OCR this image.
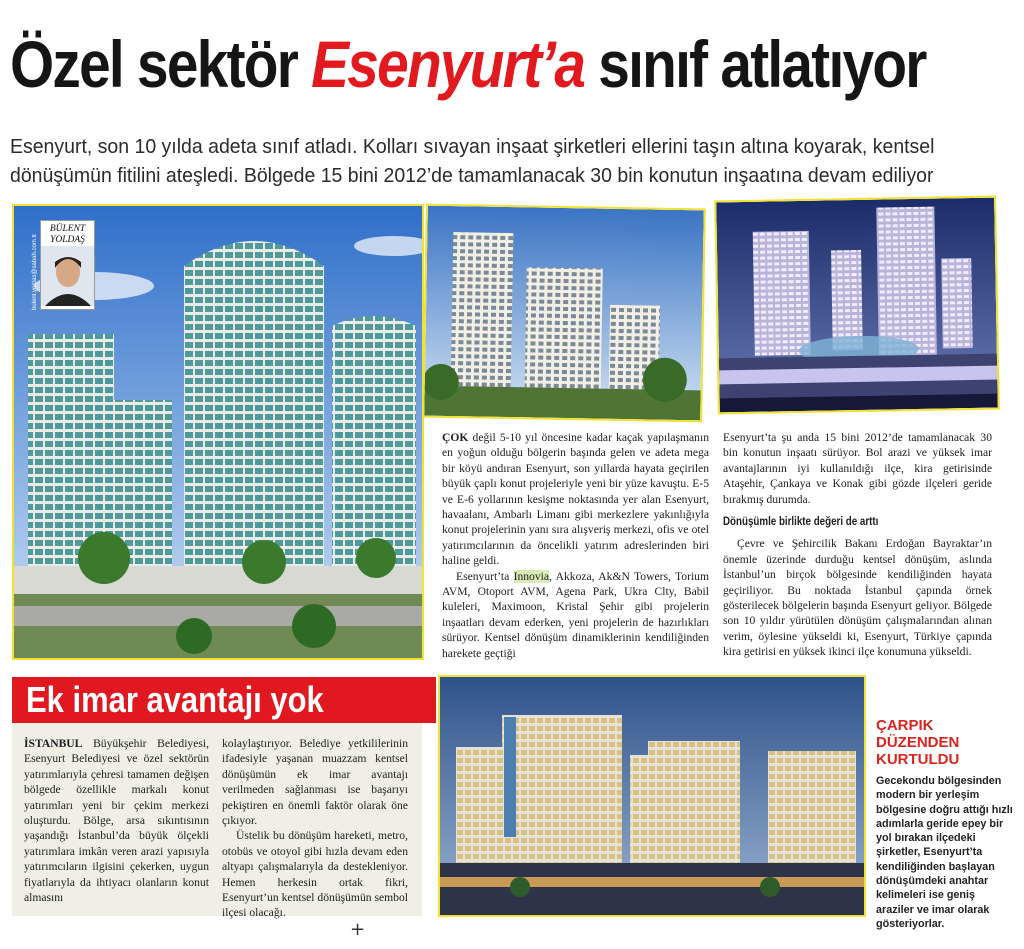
Özel sektör Esenyurt’a sınıf atlatıyor
Esenyurt, son 10 yılda adeta sınıf atladı. Kolları sıvayan inşaat şirketleri ellerini taşın altına koyarak, kentsel
dönüşümün fitilini ateşledi. Bölgede 15 bini 2012’de tamamlanacak 30 bin konutun inşaatına devam ediliyor
BÜLENT
YOLDAŞ
bulent.yoldas@sabah.com.tr

ÇOK değil 5-10 yıl öncesine kadar kaçak yapılaşmanın en yoğun olduğu bölgerin başında gelen ve adeta mega bir köyü andıran Esenyurt, son yıllarda hayata geçirilen büyük çaplı konut projeleriyle yeni bir yüze kavuştu. E-5 ve E-6 yollarının kesişme noktasında yer alan Esenyurt, havaalanı, Ambarlı Limanı gibi merkezlere yakınlığıyla konut projelerinin yanı sıra alışveriş merkezi, ofis ve otel yatırımcılarının da öncelikli yatırım adreslerinden biri haline geldi.

Esenyurt’ta Innovia, Akkoza, Ak&N Towers, Torium AVM, Otoport AVM, Agena Park, Ukra Clty, Babil kuleleri, Maximoon, Kristal Şehir gibi projelerin inşaatları devam ederken, yeni projelerin de hazırlıkları sürüyor. Kentsel dönüşüm dinamiklerinin kendiliğinden harekete geçtiği

Esenyurt’ta şu anda 15 bini 2012’de tamamlanacak 30 bin konutun inşaatı sürüyor. Bol arazi ve yüksek imar avantajlarının iyi kullanıldığı ilçe, kira getirisinde Ataşehir, Çankaya ve Konak gibi gözde ilçeleri geride bırakmış durumda.

Dönüşümle birlikte değeri de arttı

Çevre ve Şehircilik Bakanı Erdoğan Bayraktar’ın önemle üzerinde durduğu kentsel dönüşüm, aslında İstanbul’un birçok bölgesinde kendiliğinden hayata geçiriliyor. Bu noktada İstanbul çapında örnek gösterilecek bölgelerin başında Esenyurt geliyor. Bölgede son 10 yıldır yürütülen dönüşüm çalışmalarından alınan verim, öylesine yükseldi ki, Esenyurt, Türkiye çapında kira getirisi en yüksek ikinci ilçe konumuna yükseldi.

Ek imar avantajı yok

İSTANBUL Büyükşehir Belediyesi, Esenyurt Belediyesi ve özel sektörün yatırımlarıyla çehresi tamamen değişen bölgede özellikle markalı konut yatırımları yeni bir çekim merkezi oluşturdu. Bölge, arsa sıkıntısının yaşandığı İstanbul’da büyük ölçekli yatırımlara imkân veren arazi yapısıyla yatırımcıların ilgisini çekerken, uygun fiyatlarıyla da ihtiyacı olanların konut almasını

kolaylaştırıyor. Belediye yetkililerinin ifadesiyle yaşanan muazzam kentsel dönüşümün ek imar avantajı verilmeden sağlanması ise başarıyı pekiştiren en önemli faktör olarak öne çıkıyor.

Üstelik bu dönüşüm hareketi, metro, otobüs ve otoyol gibi hızla devam eden altyapı çalışmalarıyla da destekleniyor. Hemen herkesin ortak fikri, Esenyurt’un kentsel dönüşümün sembol ilçesi olacağı.

ÇARPIK
DÜZENDEN
KURTULDU
Gecekondu bölgesinden modern bir yerleşim bölgesine doğru attığı hızlı adımlarla geride epey bir yol bırakan ilçedeki şirketler, Esenyurt’ta kendiliğinden başlayan dönüşümdeki anahtar kelimeleri ise geniş araziler ve imar olarak gösteriyorlar.
+
